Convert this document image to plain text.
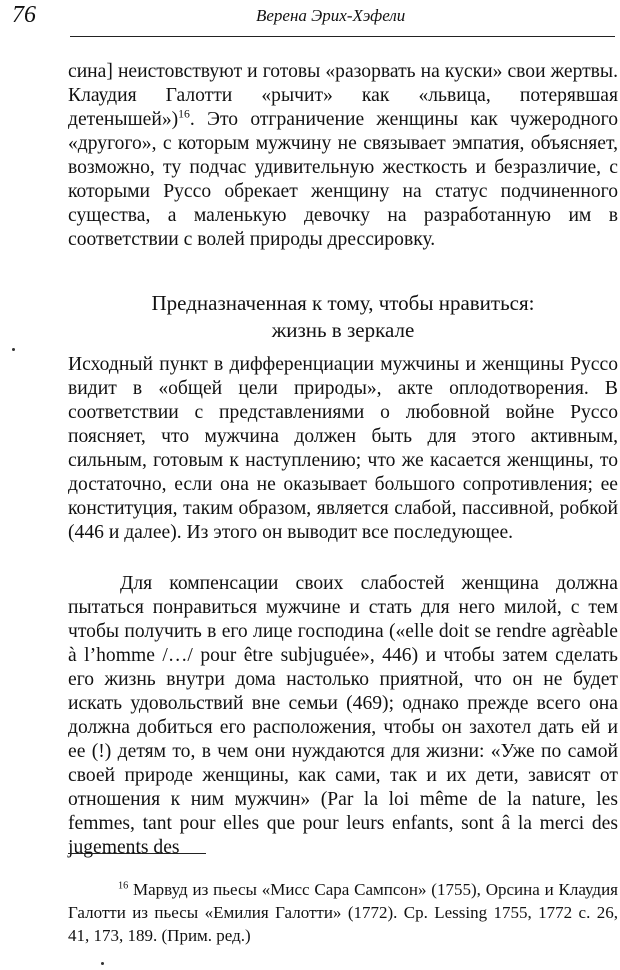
76	Верена Эрих-Хэфели

сина] неистовствуют и готовы «разорвать на куски» свои жертвы. Клаудия Галотти «рычит» как «львица, потерявшая детенышей»)$^{16}$. Это отграничение женщины как чужеродного «другого», с которым мужчину не связывает эмпатия, объясняет, возможно, ту подчас удивительную жесткость и безразличие, с которыми Руссо обрекает женщину на статус подчиненного существа, а маленькую девочку на разработанную им в соответствии с волей природы дрессировку.

Предназначенная к тому, чтобы нравиться:
жизнь в зеркале

Исходный пункт в дифференциации мужчины и женщины Руссо видит в «общей цели природы», акте оплодотворения. В соответствии с представлениями о любовной войне Руссо поясняет, что мужчина должен быть для этого активным, сильным, готовым к наступлению; что же касается женщины, то достаточно, если она не оказывает большого сопротивления; ее конституция, таким образом, является слабой, пассивной, робкой (446 и далее). Из этого он выводит все последующее.

Для компенсации своих слабостей женщина должна пытаться понравиться мужчине и стать для него милой, с тем чтобы получить в его лице господина («elle doit se rendre agrèable à l’homme /…/ pour être subjuguée», 446) и чтобы затем сделать его жизнь внутри дома настолько приятной, что он не будет искать удовольствий вне семьи (469); однако прежде всего она должна добиться его расположения, чтобы он захотел дать ей и ее (!) детям то, в чем они нуждаются для жизни: «Уже по самой своей природе женщины, как сами, так и их дети, зависят от отношения к ним мужчин» (Par la loi même de la nature, les femmes, tant pour elles que pour leurs enfants, sont â la merci des jugements des

$^{16}$ Марвуд из пьесы «Мисс Сара Сампсон» (1755), Орсина и Клаудия Галотти из пьесы «Емилия Галотти» (1772). Ср. Lessing 1755, 1772 с. 26, 41, 173, 189. (Прим. ред.)
